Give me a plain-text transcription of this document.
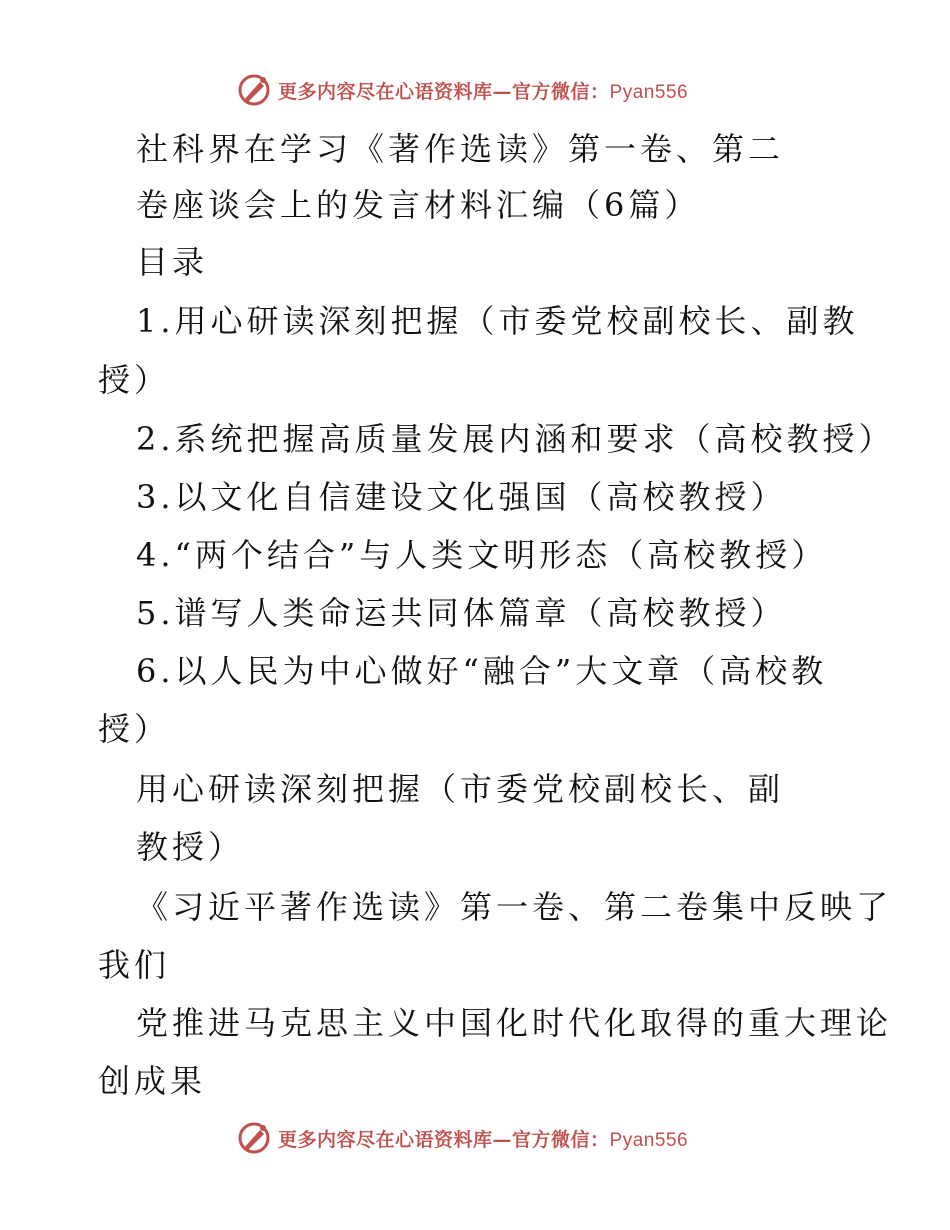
更多内容尽在心语资料库—官方微信：Pyan556
社科界在学习《著作选读》第一卷、第二
卷座谈会上的发言材料汇编（6篇）
目录
1.用心研读深刻把握（市委党校副校长、副教
授）
2.系统把握高质量发展内涵和要求（高校教授）
3.以文化自信建设文化强国（高校教授）
4.“两个结合”与人类文明形态（高校教授）
5.谱写人类命运共同体篇章（高校教授）
6.以人民为中心做好“融合”大文章（高校教
授）
用心研读深刻把握（市委党校副校长、副
教授）
《习近平著作选读》第一卷、第二卷集中反映了
我们
党推进马克思主义中国化时代化取得的重大理论
创成果
更多内容尽在心语资料库—官方微信：Pyan556
